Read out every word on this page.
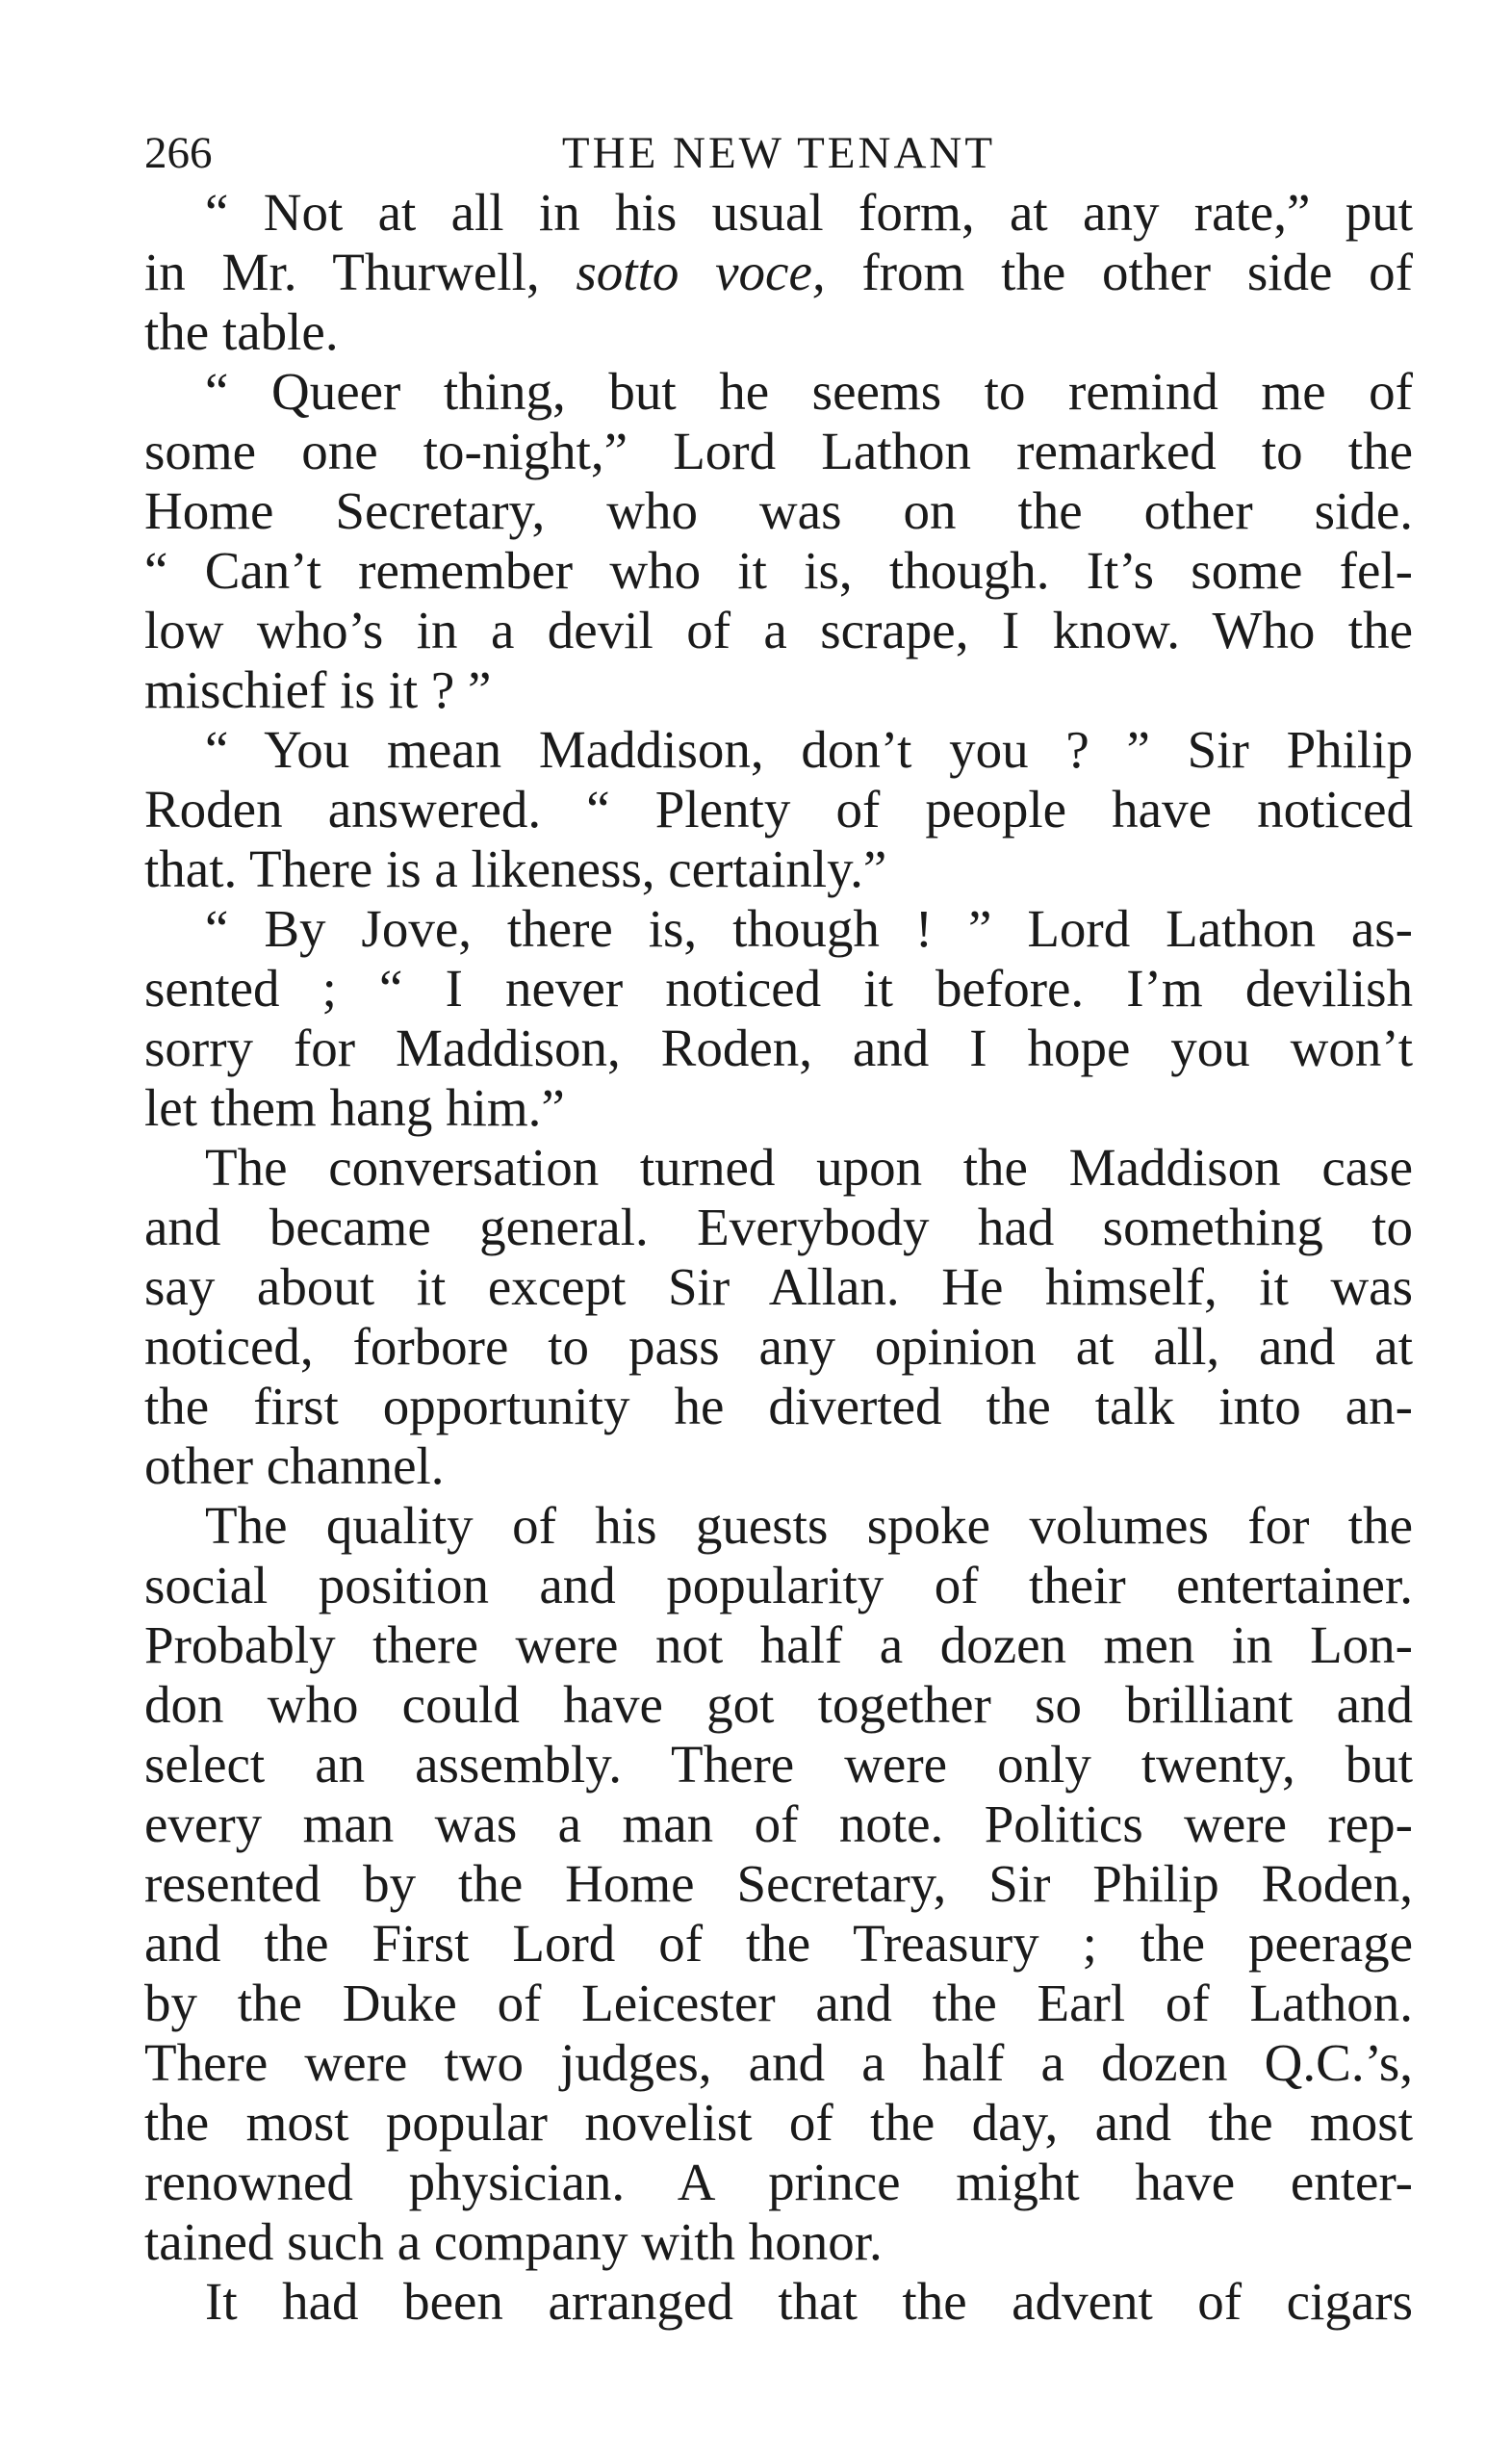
266	THE NEW TENANT
“ Not at all in his usual form, at any rate,” put
in Mr. Thurwell, sotto voce, from the other side of
the table.
“ Queer thing, but he seems to remind me of
some one to-night,” Lord Lathon remarked to the
Home Secretary, who was on the other side.
“ Can’t remember who it is, though. It’s some fel-
low who’s in a devil of a scrape, I know. Who the
mischief is it ? ”
“ You mean Maddison, don’t you ? ” Sir Philip
Roden answered. “ Plenty of people have noticed
that. There is a likeness, certainly.”
“ By Jove, there is, though ! ” Lord Lathon as-
sented ; “ I never noticed it before. I’m devilish
sorry for Maddison, Roden, and I hope you won’t
let them hang him.”
The conversation turned upon the Maddison case
and became general. Everybody had something to
say about it except Sir Allan. He himself, it was
noticed, forbore to pass any opinion at all, and at
the first opportunity he diverted the talk into an-
other channel.
The quality of his guests spoke volumes for the
social position and popularity of their entertainer.
Probably there were not half a dozen men in Lon-
don who could have got together so brilliant and
select an assembly. There were only twenty, but
every man was a man of note. Politics were rep-
resented by the Home Secretary, Sir Philip Roden,
and the First Lord of the Treasury ; the peerage
by the Duke of Leicester and the Earl of Lathon.
There were two judges, and a half a dozen Q.C.’s,
the most popular novelist of the day, and the most
renowned physician. A prince might have enter-
tained such a company with honor.
It had been arranged that the advent of cigars
